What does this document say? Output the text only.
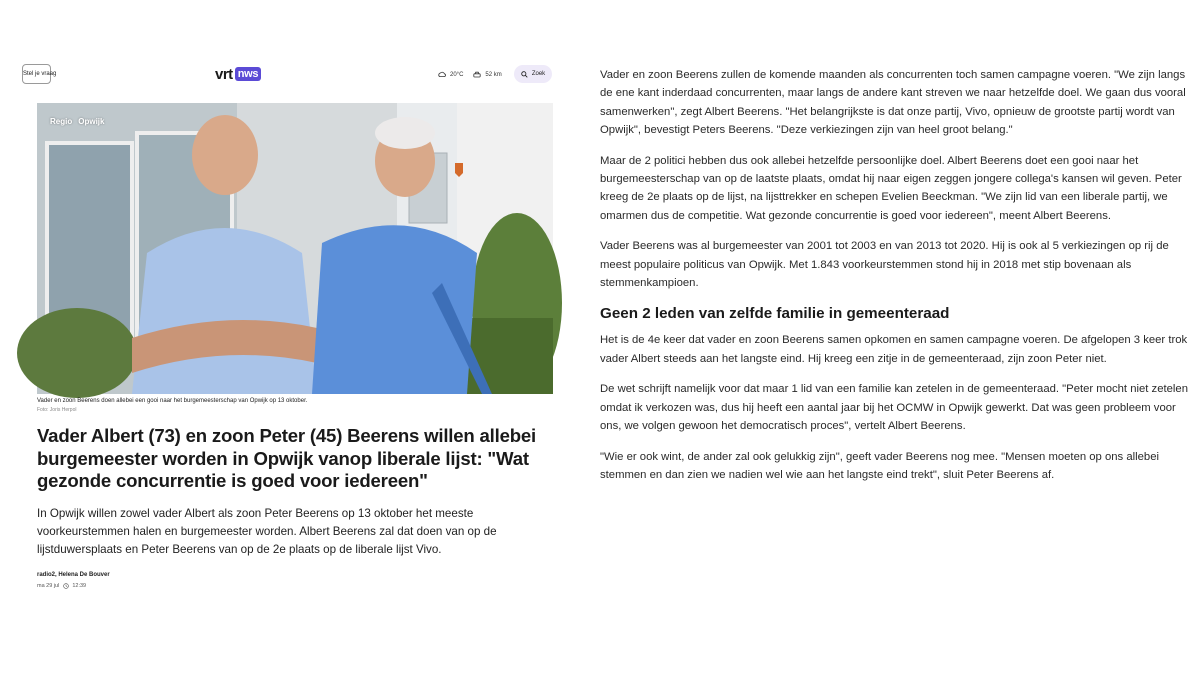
Stel je vraag	vrt nws	20°C	52 km	Zoek
Regio Opwijk
Vader en zoon Beerens doen allebei een gooi naar het burgemeesterschap van Opwijk op 13 oktober.
Foto: Joris Herpol
Vader Albert (73) en zoon Peter (45) Beerens willen allebei burgemeester worden in Opwijk vanop liberale lijst: "Wat gezonde concurrentie is goed voor iedereen"

In Opwijk willen zowel vader Albert als zoon Peter Beerens op 13 oktober het meeste voorkeurstemmen halen en burgemeester worden. Albert Beerens zal dat doen van op de lijstduwersplaats en Peter Beerens van op de 2e plaats op de liberale lijst Vivo.

radio2, Helena De Bouver
ma 29 jul 12:39

Vader en zoon Beerens zullen de komende maanden als concurrenten toch samen campagne voeren. "We zijn langs de ene kant inderdaad concurrenten, maar langs de andere kant streven we naar hetzelfde doel. We gaan dus vooral samenwerken", zegt Albert Beerens. "Het belangrijkste is dat onze partij, Vivo, opnieuw de grootste partij wordt van Opwijk", bevestigt Peters Beerens. "Deze verkiezingen zijn van heel groot belang."

Maar de 2 politici hebben dus ook allebei hetzelfde persoonlijke doel. Albert Beerens doet een gooi naar het burgemeesterschap van op de laatste plaats, omdat hij naar eigen zeggen jongere collega's kansen wil geven. Peter kreeg de 2e plaats op de lijst, na lijsttrekker en schepen Evelien Beeckman. "We zijn lid van een liberale partij, we omarmen dus de competitie. Wat gezonde concurrentie is goed voor iedereen", meent Albert Beerens.

Vader Beerens was al burgemeester van 2001 tot 2003 en van 2013 tot 2020. Hij is ook al 5 verkiezingen op rij de meest populaire politicus van Opwijk. Met 1.843 voorkeurstemmen stond hij in 2018 met stip bovenaan als stemmenkampioen.

Geen 2 leden van zelfde familie in gemeenteraad

Het is de 4e keer dat vader en zoon Beerens samen opkomen en samen campagne voeren. De afgelopen 3 keer trok vader Albert steeds aan het langste eind. Hij kreeg een zitje in de gemeenteraad, zijn zoon Peter niet.

De wet schrijft namelijk voor dat maar 1 lid van een familie kan zetelen in de gemeenteraad. "Peter mocht niet zetelen omdat ik verkozen was, dus hij heeft een aantal jaar bij het OCMW in Opwijk gewerkt. Dat was geen probleem voor ons, we volgen gewoon het democratisch proces", vertelt Albert Beerens.

"Wie er ook wint, de ander zal ook gelukkig zijn", geeft vader Beerens nog mee. "Mensen moeten op ons allebei stemmen en dan zien we nadien wel wie aan het langste eind trekt", sluit Peter Beerens af.
